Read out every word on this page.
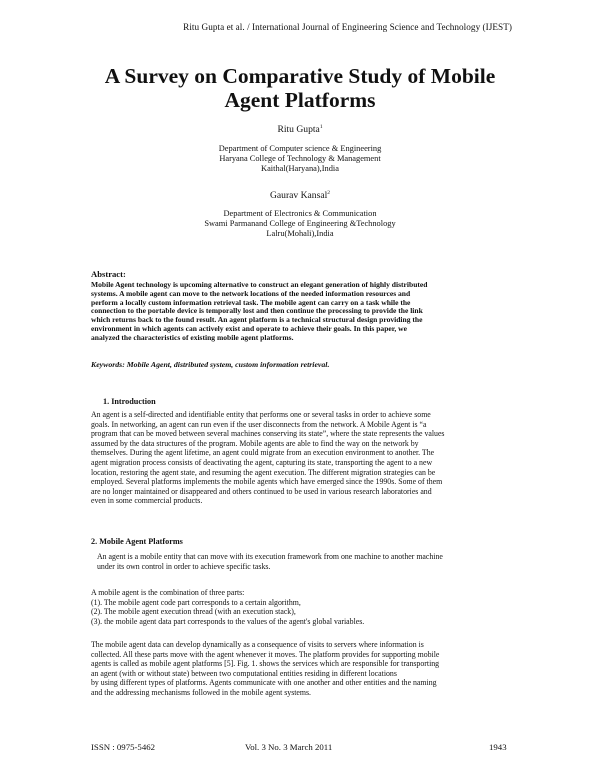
Ritu Gupta et al. / International Journal of Engineering Science and Technology (IJEST)
A Survey on Comparative Study of Mobile
Agent Platforms
Ritu Gupta$^1$
Department of Computer science & Engineering
Haryana College of Technology & Management
Kaithal(Haryana),India
Gaurav Kansal$^2$
Department of Electronics & Communication
Swami Parmanand College of Engineering &Technology
Lalru(Mohali),India
Abstract:
Mobile Agent technology is upcoming alternative to construct an elegant generation of highly distributed
systems. A mobile agent can move to the network locations of the needed information resources and
perform a locally custom information retrieval task. The mobile agent can carry on a task while the
connection to the portable device is temporally lost and then continue the processing to provide the link
which returns back to the found result. An agent platform is a technical structural design providing the
environment in which agents can actively exist and operate to achieve their goals. In this paper, we
analyzed the characteristics of existing mobile agent platforms.
Keywords: Mobile Agent, distributed system, custom information retrieval.
1. Introduction
An agent is a self-directed and identifiable entity that performs one or several tasks in order to achieve some
goals. In networking, an agent can run even if the user disconnects from the network. A Mobile Agent is “a
program that can be moved between several machines conserving its state”, where the state represents the values
assumed by the data structures of the program. Mobile agents are able to find the way on the network by
themselves. During the agent lifetime, an agent could migrate from an execution environment to another. The
agent migration process consists of deactivating the agent, capturing its state, transporting the agent to a new
location, restoring the agent state, and resuming the agent execution. The different migration strategies can be
employed. Several platforms implements the mobile agents which have emerged since the 1990s. Some of them
are no longer maintained or disappeared and others continued to be used in various research laboratories and
even in some commercial products.
2. Mobile Agent Platforms
An agent is a mobile entity that can move with its execution framework from one machine to another machine
under its own control in order to achieve specific tasks.
A mobile agent is the combination of three parts:
(1). The mobile agent code part corresponds to a certain algorithm,
(2). The mobile agent execution thread (with an execution stack),
(3). the mobile agent data part corresponds to the values of the agent's global variables.
The mobile agent data can develop dynamically as a consequence of visits to servers where information is
collected. All these parts move with the agent whenever it moves. The platform provides for supporting mobile
agents is called as mobile agent platforms [5]. Fig. 1. shows the services which are responsible for transporting
an agent (with or without state) between two computational entities residing in different locations
by using different types of platforms. Agents communicate with one another and other entities and the naming
and the addressing mechanisms followed in the mobile agent systems.
ISSN : 0975-5462	Vol. 3 No. 3 March 2011	1943
